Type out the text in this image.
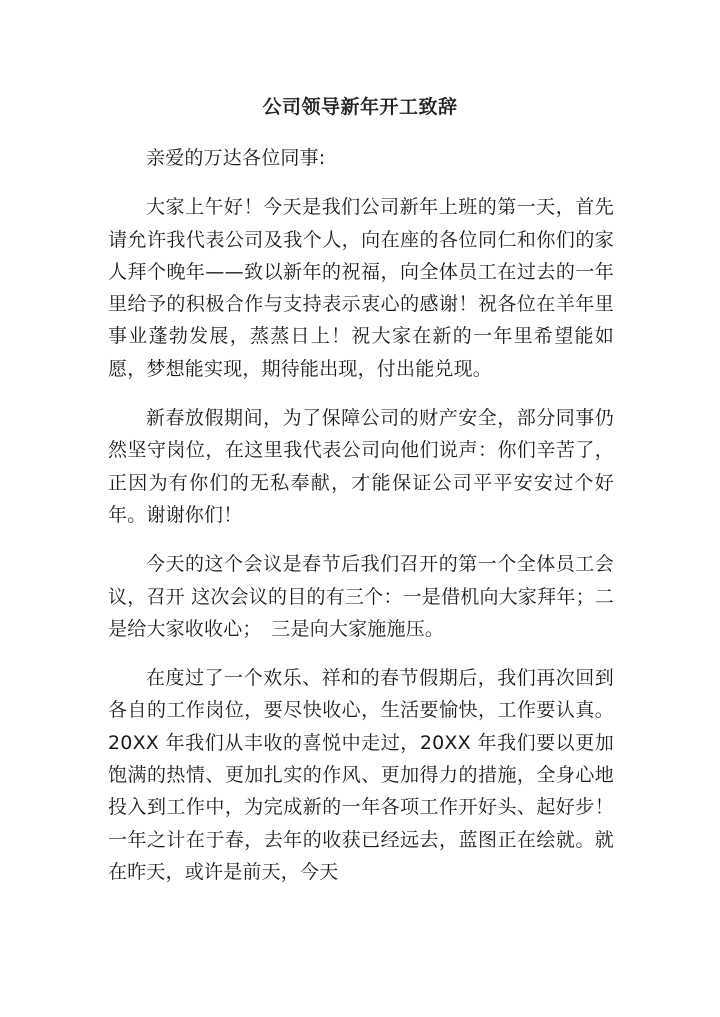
公司领导新年开工致辞

亲爱的万达各位同事:

大家上午好！今天是我们公司新年上班的第一天，首先请允许我代表公司及我个人，向在座的各位同仁和你们的家人拜个晚年——致以新年的祝福，向全体员工在过去的一年里给予的积极合作与支持表示衷心的感谢！祝各位在羊年里事业蓬勃发展，蒸蒸日上！祝大家在新的一年里希望能如愿，梦想能实现，期待能出现，付出能兑现。

新春放假期间，为了保障公司的财产安全，部分同事仍然坚守岗位，在这里我代表公司向他们说声：你们辛苦了，正因为有你们的无私奉献，才能保证公司平平安安过个好年。谢谢你们！

今天的这个会议是春节后我们召开的第一个全体员工会议，召开 这次会议的目的有三个：一是借机向大家拜年；二是给大家收收心；　三是向大家施施压。

在度过了一个欢乐、祥和的春节假期后，我们再次回到各自的工作岗位，要尽快收心，生活要愉快，工作要认真。20XX 年我们从丰收的喜悦中走过，20XX 年我们要以更加饱满的热情、更加扎实的作风、更加得力的措施，全身心地投入到工作中，为完成新的一年各项工作开好头、起好步！一年之计在于春，去年的收获已经远去，蓝图正在绘就。就在昨天，或许是前天，今天
